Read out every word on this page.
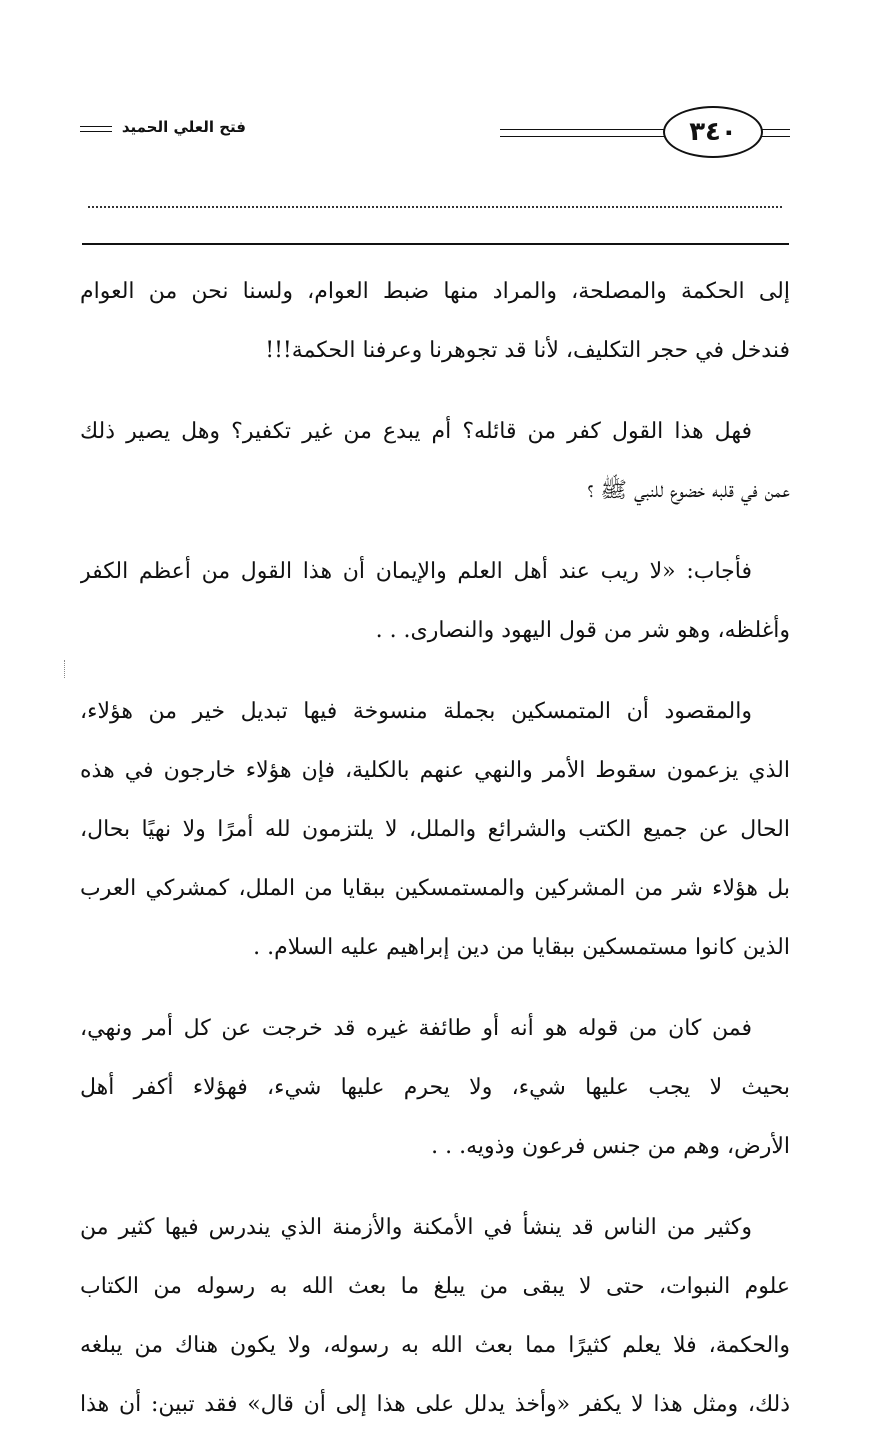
فتح العلي الحميد	٣٤٠
إلى الحكمة والمصلحة، والمراد منها ضبط العوام، ولسنا نحن من العوام
فندخل في حجر التكليف، لأنا قد تجوهرنا وعرفنا الحكمة!!!
فهل هذا القول كفر من قائله؟ أم يبدع من غير تكفير؟ وهل يصير ذلك
عمن في قلبه خضوع للنبي ﷺ ؟
فأجاب: «لا ريب عند أهل العلم والإيمان أن هذا القول من أعظم الكفر
وأغلظه، وهو شر من قول اليهود والنصارى. . .
والمقصود أن المتمسكين بجملة منسوخة فيها تبديل خير من هؤلاء،
الذي يزعمون سقوط الأمر والنهي عنهم بالكلية، فإن هؤلاء خارجون في هذه
الحال عن جميع الكتب والشرائع والملل، لا يلتزمون لله أمرًا ولا نهيًا بحال،
بل هؤلاء شر من المشركين والمستمسكين ببقايا من الملل، كمشركي العرب
الذين كانوا مستمسكين ببقايا من دين إبراهيم عليه السلام. .
فمن كان من قوله هو أنه أو طائفة غيره قد خرجت عن كل أمر ونهي،
بحيث لا يجب عليها شيء، ولا يحرم عليها شيء، فهؤلاء أكفر أهل
الأرض، وهم من جنس فرعون وذويه. . .
وكثير من الناس قد ينشأ في الأمكنة والأزمنة الذي يندرس فيها كثير من
علوم النبوات، حتى لا يبقى من يبلغ ما بعث الله به رسوله من الكتاب
والحكمة، فلا يعلم كثيرًا مما بعث الله به رسوله، ولا يكون هناك من يبلغه
ذلك، ومثل هذا لا يكفر «وأخذ يدلل على هذا إلى أن قال» فقد تبين: أن هذا
